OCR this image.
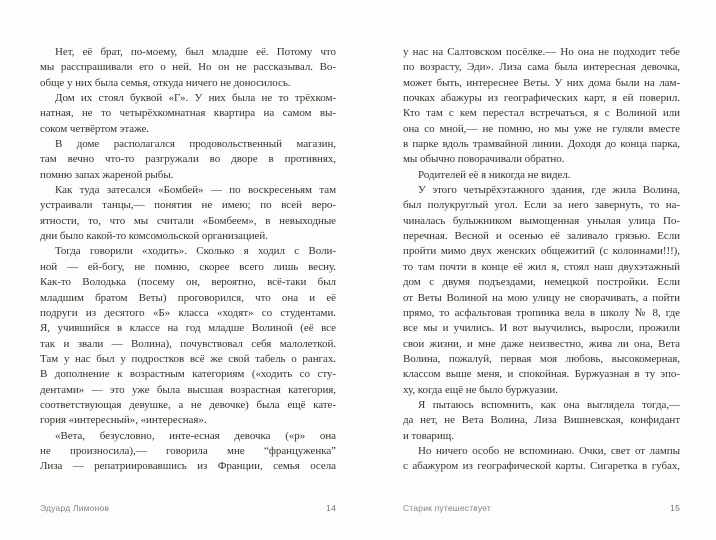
Нет, её брат, по-моему, был младше её. Потому что
мы расспрашивали его о ней. Но он не рассказывал. Во-
обще у них была семья, откуда ничего не доносилось.
Дом их стоял буквой «Г». У них была не то трёхком-
натная, не то четырёхкомнатная квартира на самом вы-
соком четвёртом этаже.
В доме располагался продовольственный магазин,
там вечно что-то разгружали во дворе в противнях,
помню запах жареной рыбы.
Как туда затесался «Бомбей» — по воскресеньям там
устраивали танцы,— понятия не имею; по всей веро-
ятности, то, что мы считали «Бомбеем», в невыходные
дни было какой-то комсомольской организацией.
Тогда говорили «ходить». Сколько я ходил с Воли-
ной — ей-богу, не помню, скорее всего лишь весну.
Как-то Володька (посему он, вероятно, всё-таки был
младшим братом Веты) проговорился, что она и её
подруги из десятого «Б» класса «ходят» со студентами.
Я, учившийся в классе на год младше Волиной (её все
так и звали — Волина), почувствовал себя малолеткой.
Там у нас был у подростков всё же свой табель о рангах.
В дополнение к возрастным категориям («ходить со сту-
дентами» — это уже была высшая возрастная категория,
соответствующая девушке, а не девочке) была ещё кате-
гория «интересный», «интересная».
«Вета, безусловно, инте-есная девочка («р» она
не произносила),— говорила мне “француженка”
Лиза — репатриировавшись из Франции, семья осела
Эдуард Лимонов	14
у нас на Салтовском посёлке.— Но она не подходит тебе
по возрасту, Эди». Лиза сама была интересная девочка,
может быть, интереснее Веты. У них дома были на лам-
почках абажуры из географических карт, я ей поверил.
Кто там с кем перестал встречаться, я с Волиной или
она со мной,— не помню, но мы уже не гуляли вместе
в парке вдоль трамвайной линии. Доходя до конца парка,
мы обычно поворачивали обратно.
Родителей её я никогда не видел.
У этого четырёхэтажного здания, где жила Волина,
был полукруглый угол. Если за него завернуть, то на-
чиналась булыжником вымощенная унылая улица По-
перечная. Весной и осенью её заливало грязью. Если
пройти мимо двух женских общежитий (с колоннами!!!),
то там почти в конце её жил я, стоял наш двухэтажный
дом с двумя подъездами, немецкой постройки. Если
от Веты Волиной на мою улицу не сворачивать, а пойти
прямо, то асфальтовая тропинка вела в школу № 8, где
все мы и учились. И вот выучились, выросли, прожили
свои жизни, и мне даже неизвестно, жива ли она, Вета
Волина, пожалуй, первая моя любовь, высокомерная,
классом выше меня, и спокойная. Буржуазная в ту эпо-
ху, когда ещё не было буржуазии.
Я пытаюсь вспомнить, как она выглядела тогда,—
да нет, не Вета Волина, Лиза Вишневская, конфидант
и товарищ.
Но ничего особо не вспоминаю. Очки, свет от лампы
с абажуром из географической карты. Сигаретка в губах,
Старик путешествует	15
